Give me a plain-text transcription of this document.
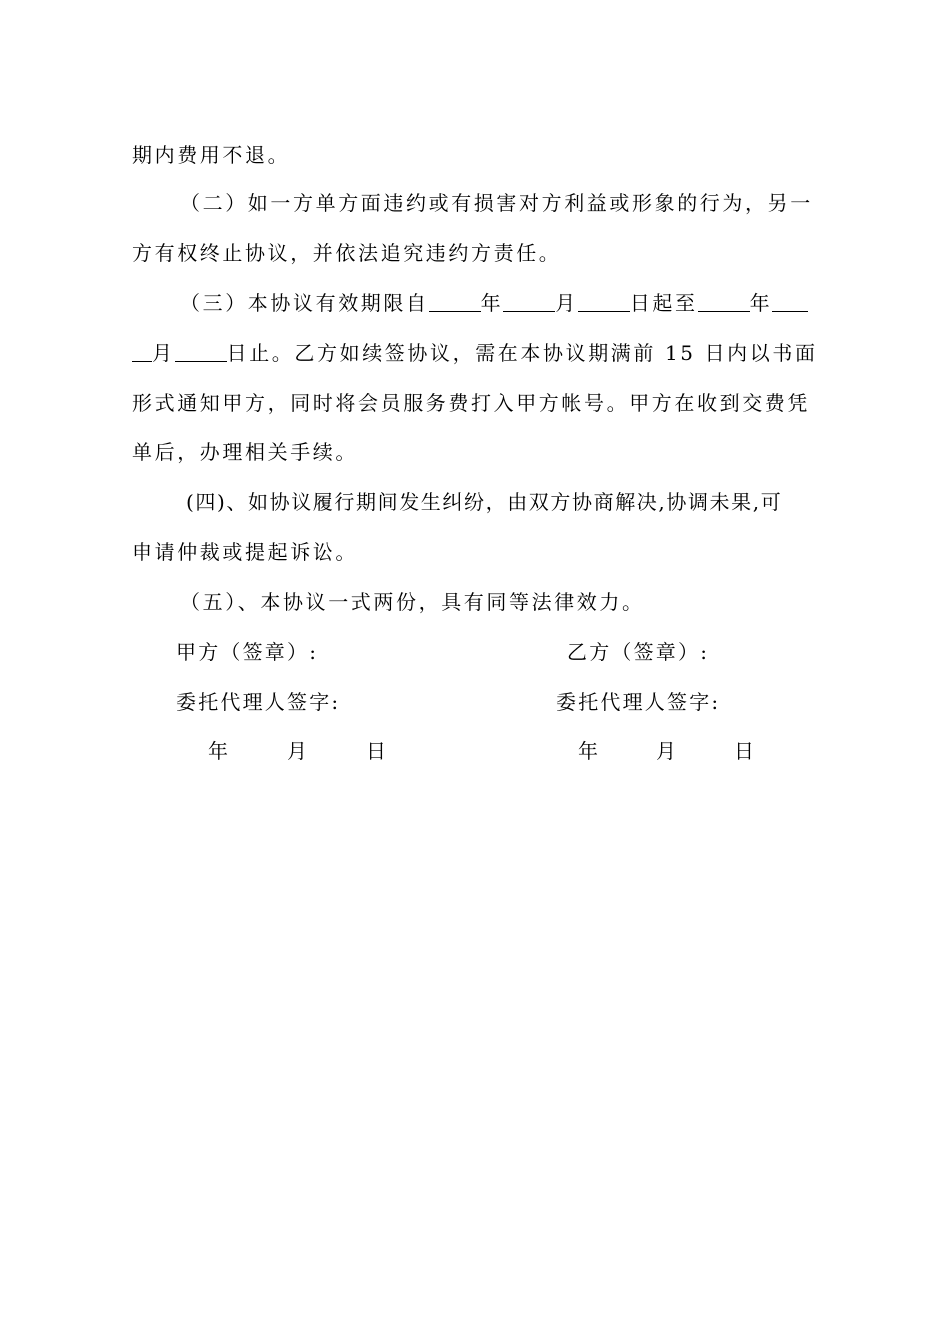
期内费用不退。
（二）如一方单方面违约或有损害对方利益或形象的行为，另一
方有权终止协议，并依法追究违约方责任。
（三）本协议有效期限自	年	月	日起至	年
月	日止。乙方如续签协议，需在本协议期满前 15 日内以书面
形式通知甲方，同时将会员服务费打入甲方帐号。甲方在收到交费凭
单后，办理相关手续。
(四)、如协议履行期间发生纠纷，由双方协商解决,协调未果,可
申请仲裁或提起诉讼。
（五）、本协议一式两份，具有同等法律效力。
甲方（签章）:	乙方（签章）:
委托代理人签字:	委托代理人签字:
年	月	日	年	月	日
